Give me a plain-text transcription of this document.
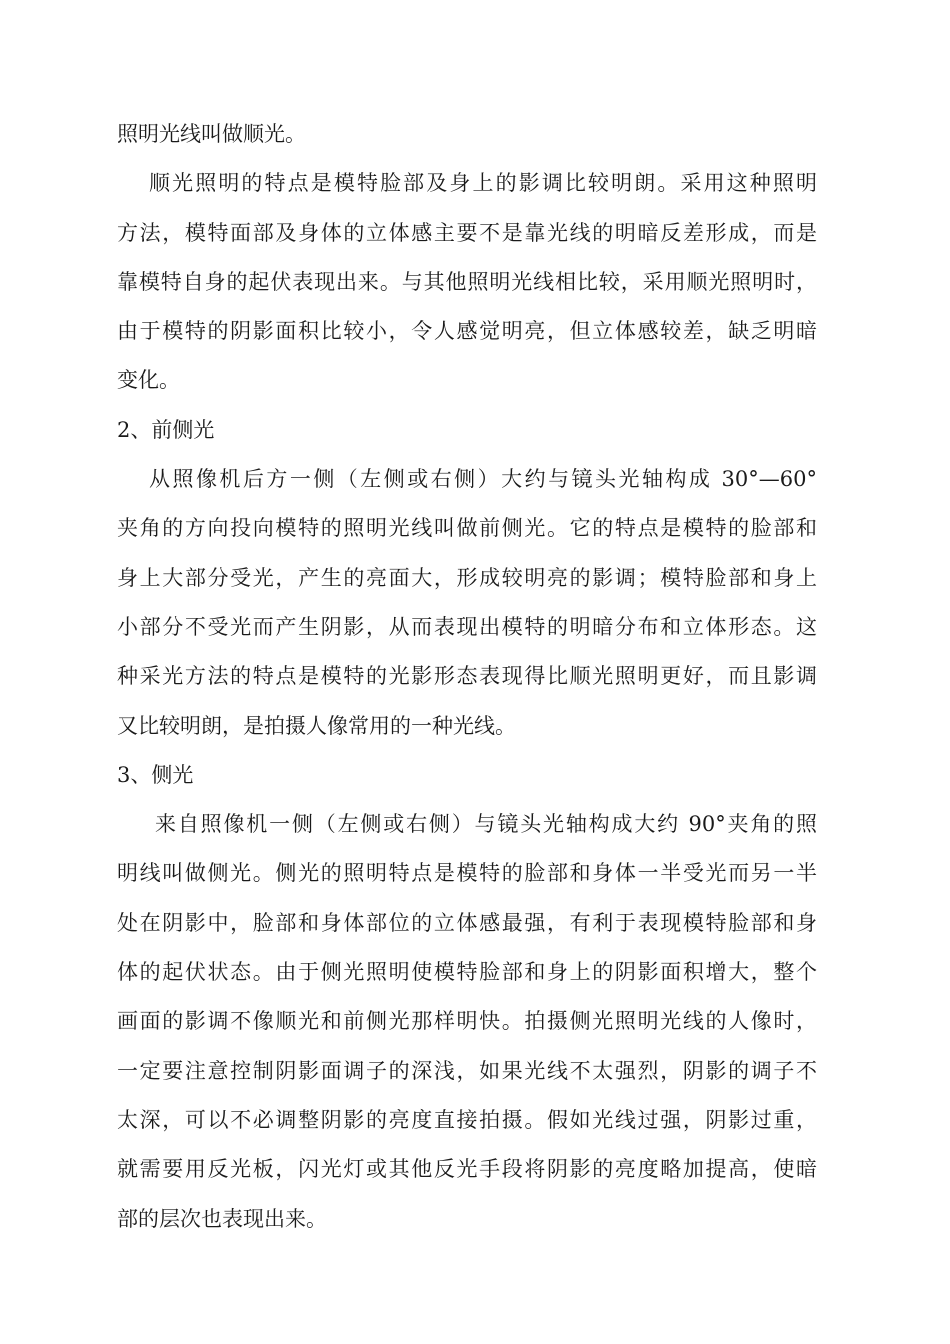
照明光线叫做顺光。
顺光照明的特点是模特脸部及身上的影调比较明朗。采用这种照明
方法，模特面部及身体的立体感主要不是靠光线的明暗反差形成，而是
靠模特自身的起伏表现出来。与其他照明光线相比较，采用顺光照明时，
由于模特的阴影面积比较小，令人感觉明亮，但立体感较差，缺乏明暗
变化。
2、前侧光
从照像机后方一侧（左侧或右侧）大约与镜头光轴构成 30°—60°
夹角的方向投向模特的照明光线叫做前侧光。它的特点是模特的脸部和
身上大部分受光，产生的亮面大，形成较明亮的影调；模特脸部和身上
小部分不受光而产生阴影，从而表现出模特的明暗分布和立体形态。这
种采光方法的特点是模特的光影形态表现得比顺光照明更好，而且影调
又比较明朗，是拍摄人像常用的一种光线。
3、侧光
来自照像机一侧（左侧或右侧）与镜头光轴构成大约 90°夹角的照
明线叫做侧光。侧光的照明特点是模特的脸部和身体一半受光而另一半
处在阴影中，脸部和身体部位的立体感最强，有利于表现模特脸部和身
体的起伏状态。由于侧光照明使模特脸部和身上的阴影面积增大，整个
画面的影调不像顺光和前侧光那样明快。拍摄侧光照明光线的人像时，
一定要注意控制阴影面调子的深浅，如果光线不太强烈，阴影的调子不
太深，可以不必调整阴影的亮度直接拍摄。假如光线过强，阴影过重，
就需要用反光板，闪光灯或其他反光手段将阴影的亮度略加提高，使暗
部的层次也表现出来。
